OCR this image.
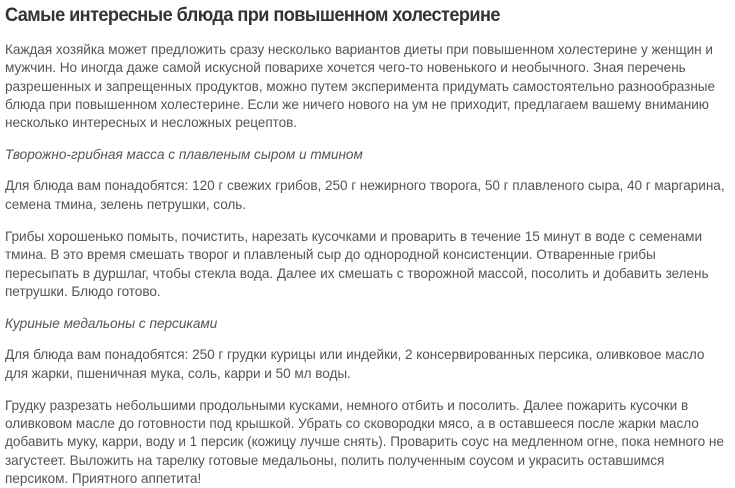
Самые интересные блюда при повышенном холестерине

Каждая хозяйка может предложить сразу несколько вариантов диеты при повышенном холестерине у женщин и мужчин. Но иногда даже самой искусной поварихе хочется чего-то новенького и необычного. Зная перечень разрешенных и запрещенных продуктов, можно путем эксперимента придумать самостоятельно разнообразные блюда при повышенном холестерине. Если же ничего нового на ум не приходит, предлагаем вашему вниманию несколько интересных и несложных рецептов.

Творожно-грибная масса с плавленым сыром и тмином

Для блюда вам понадобятся: 120 г свежих грибов, 250 г нежирного творога, 50 г плавленого сыра, 40 г маргарина, семена тмина, зелень петрушки, соль.

Грибы хорошенько помыть, почистить, нарезать кусочками и проварить в течение 15 минут в воде с семенами тмина. В это время смешать творог и плавленый сыр до однородной консистенции. Отваренные грибы пересыпать в дуршлаг, чтобы стекла вода. Далее их смешать с творожной массой, посолить и добавить зелень петрушки. Блюдо готово.

Куриные медальоны с персиками

Для блюда вам понадобятся: 250 г грудки курицы или индейки, 2 консервированных персика, оливковое масло для жарки, пшеничная мука, соль, карри и 50 мл воды.

Грудку разрезать небольшими продольными кусками, немного отбить и посолить. Далее пожарить кусочки в оливковом масле до готовности под крышкой. Убрать со сковородки мясо, а в оставшееся после жарки масло добавить муку, карри, воду и 1 персик (кожицу лучше снять). Проварить соус на медленном огне, пока немного не загустеет. Выложить на тарелку готовые медальоны, полить полученным соусом и украсить оставшимся персиком. Приятного аппетита!
